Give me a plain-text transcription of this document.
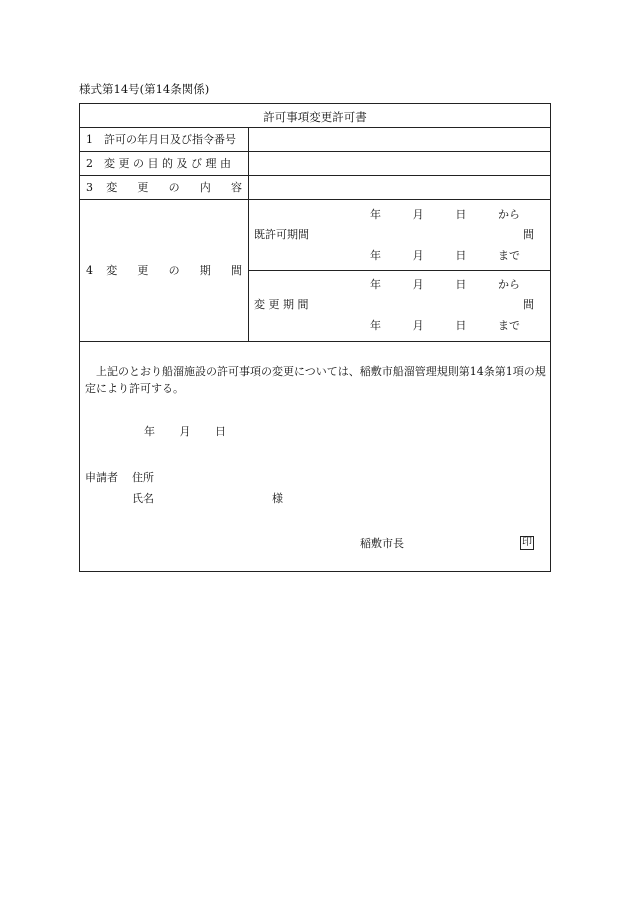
様式第14号(第14条関係)
許可事項変更許可書
1　許可の年月日及び指令番号
2　変 更 の 目 的 及 び 理 由
3	変 更 の 内 容
4	変 更 の 期 間
年	月	日	から
既許可期間	間
年	月	日	まで
年	月	日	から
変 更 期 間	間
年	月	日	まで
上記のとおり船溜施設の許可事項の変更については、稲敷市船溜管理規則第14条第1項の規定により許可する。
年 月 日
申請者 住所
氏名	様
稲敷市長	印
